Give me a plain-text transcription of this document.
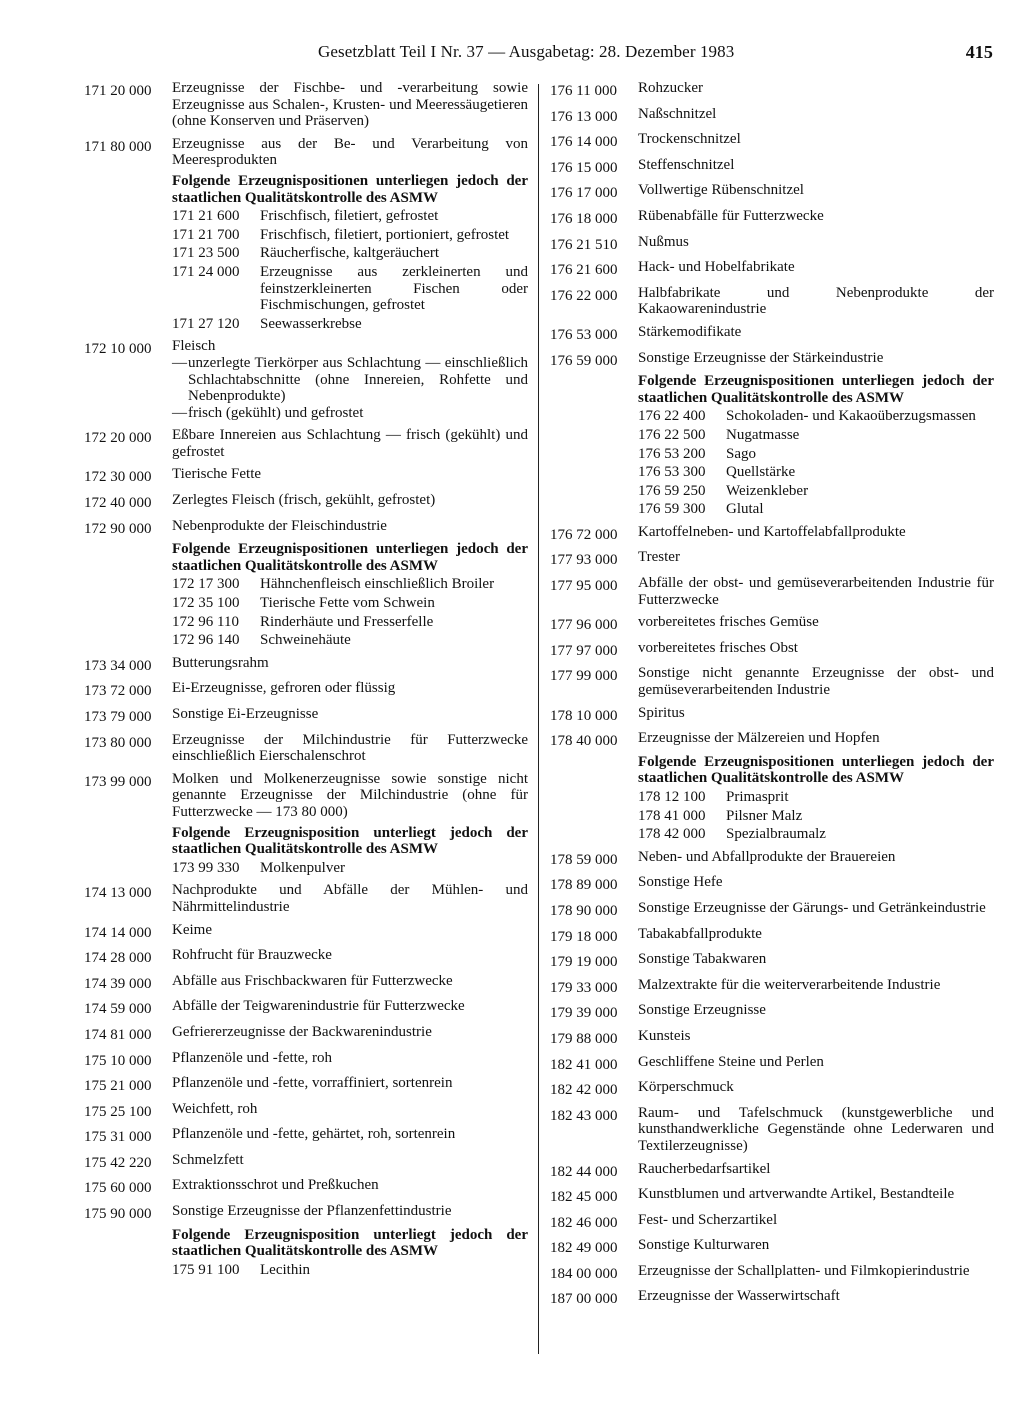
Gesetzblatt Teil I Nr. 37 — Ausgabetag: 28. Dezember 1983	415
171 20 000	Erzeugnisse der Fischbe- und -verarbeitung sowie Erzeugnisse aus Schalen-, Krusten- und Meeressäugetieren (ohne Konserven und Präserven)
171 80 000	Erzeugnisse aus der Be- und Verarbeitung von Meeresprodukten
Folgende Erzeugnispositionen unterliegen jedoch der staatlichen Qualitätskontrolle des ASMW
171 21 600	Frischfisch, filetiert, gefrostet
171 21 700	Frischfisch, filetiert, portioniert, gefrostet
171 23 500	Räucherfische, kaltgeräuchert
171 24 000	Erzeugnisse aus zerkleinerten und feinstzerkleinerten Fischen oder Fischmischungen, gefrostet
171 27 120	Seewasserkrebse
172 10 000	Fleisch
— unzerlegte Tierkörper aus Schlachtung — einschließlich Schlachtabschnitte (ohne Innereien, Rohfette und Nebenprodukte)
— frisch (gekühlt) und gefrostet
172 20 000	Eßbare Innereien aus Schlachtung — frisch (gekühlt) und gefrostet
172 30 000	Tierische Fette
172 40 000	Zerlegtes Fleisch (frisch, gekühlt, gefrostet)
172 90 000	Nebenprodukte der Fleischindustrie
Folgende Erzeugnispositionen unterliegen jedoch der staatlichen Qualitätskontrolle des ASMW
172 17 300	Hähnchenfleisch einschließlich Broiler
172 35 100	Tierische Fette vom Schwein
172 96 110	Rinderhäute und Fresserfelle
172 96 140	Schweinehäute
173 34 000	Butterungsrahm
173 72 000	Ei-Erzeugnisse, gefroren oder flüssig
173 79 000	Sonstige Ei-Erzeugnisse
173 80 000	Erzeugnisse der Milchindustrie für Futterzwecke einschließlich Eierschalenschrot
173 99 000	Molken und Molkenerzeugnisse sowie sonstige nicht genannte Erzeugnisse der Milchindustrie (ohne für Futterzwecke — 173 80 000)
Folgende Erzeugnisposition unterliegt jedoch der staatlichen Qualitätskontrolle des ASMW
173 99 330	Molkenpulver
174 13 000	Nachprodukte und Abfälle der Mühlen- und Nährmittelindustrie
174 14 000	Keime
174 28 000	Rohfrucht für Brauzwecke
174 39 000	Abfälle aus Frischbackwaren für Futterzwecke
174 59 000	Abfälle der Teigwarenindustrie für Futterzwecke
174 81 000	Gefriererzeugnisse der Backwarenindustrie
175 10 000	Pflanzenöle und -fette, roh
175 21 000	Pflanzenöle und -fette, vorraffiniert, sortenrein
175 25 100	Weichfett, roh
175 31 000	Pflanzenöle und -fette, gehärtet, roh, sortenrein
175 42 220	Schmelzfett
175 60 000	Extraktionsschrot und Preßkuchen
175 90 000	Sonstige Erzeugnisse der Pflanzenfettindustrie
Folgende Erzeugnisposition unterliegt jedoch der staatlichen Qualitätskontrolle des ASMW
175 91 100	Lecithin
176 11 000	Rohzucker
176 13 000	Naßschnitzel
176 14 000	Trockenschnitzel
176 15 000	Steffenschnitzel
176 17 000	Vollwertige Rübenschnitzel
176 18 000	Rübenabfälle für Futterzwecke
176 21 510	Nußmus
176 21 600	Hack- und Hobelfabrikate
176 22 000	Halbfabrikate und Nebenprodukte der Kakaowarenindustrie
176 53 000	Stärkemodifikate
176 59 000	Sonstige Erzeugnisse der Stärkeindustrie
Folgende Erzeugnispositionen unterliegen jedoch der staatlichen Qualitätskontrolle des ASMW
176 22 400	Schokoladen- und Kakaoüberzugsmassen
176 22 500	Nugatmasse
176 53 200	Sago
176 53 300	Quellstärke
176 59 250	Weizenkleber
176 59 300	Glutal
176 72 000	Kartoffelneben- und Kartoffelabfallprodukte
177 93 000	Trester
177 95 000	Abfälle der obst- und gemüseverarbeitenden Industrie für Futterzwecke
177 96 000	vorbereitetes frisches Gemüse
177 97 000	vorbereitetes frisches Obst
177 99 000	Sonstige nicht genannte Erzeugnisse der obst- und gemüseverarbeitenden Industrie
178 10 000	Spiritus
178 40 000	Erzeugnisse der Mälzereien und Hopfen
Folgende Erzeugnispositionen unterliegen jedoch der staatlichen Qualitätskontrolle des ASMW
178 12 100	Primasprit
178 41 000	Pilsner Malz
178 42 000	Spezialbraumalz
178 59 000	Neben- und Abfallprodukte der Brauereien
178 89 000	Sonstige Hefe
178 90 000	Sonstige Erzeugnisse der Gärungs- und Getränkeindustrie
179 18 000	Tabakabfallprodukte
179 19 000	Sonstige Tabakwaren
179 33 000	Malzextrakte für die weiterverarbeitende Industrie
179 39 000	Sonstige Erzeugnisse
179 88 000	Kunsteis
182 41 000	Geschliffene Steine und Perlen
182 42 000	Körperschmuck
182 43 000	Raum- und Tafelschmuck (kunstgewerbliche und kunsthandwerkliche Gegenstände ohne Lederwaren und Textilerzeugnisse)
182 44 000	Raucherbedarfsartikel
182 45 000	Kunstblumen und artverwandte Artikel, Bestandteile
182 46 000	Fest- und Scherzartikel
182 49 000	Sonstige Kulturwaren
184 00 000	Erzeugnisse der Schallplatten- und Filmkopierindustrie
187 00 000	Erzeugnisse der Wasserwirtschaft
